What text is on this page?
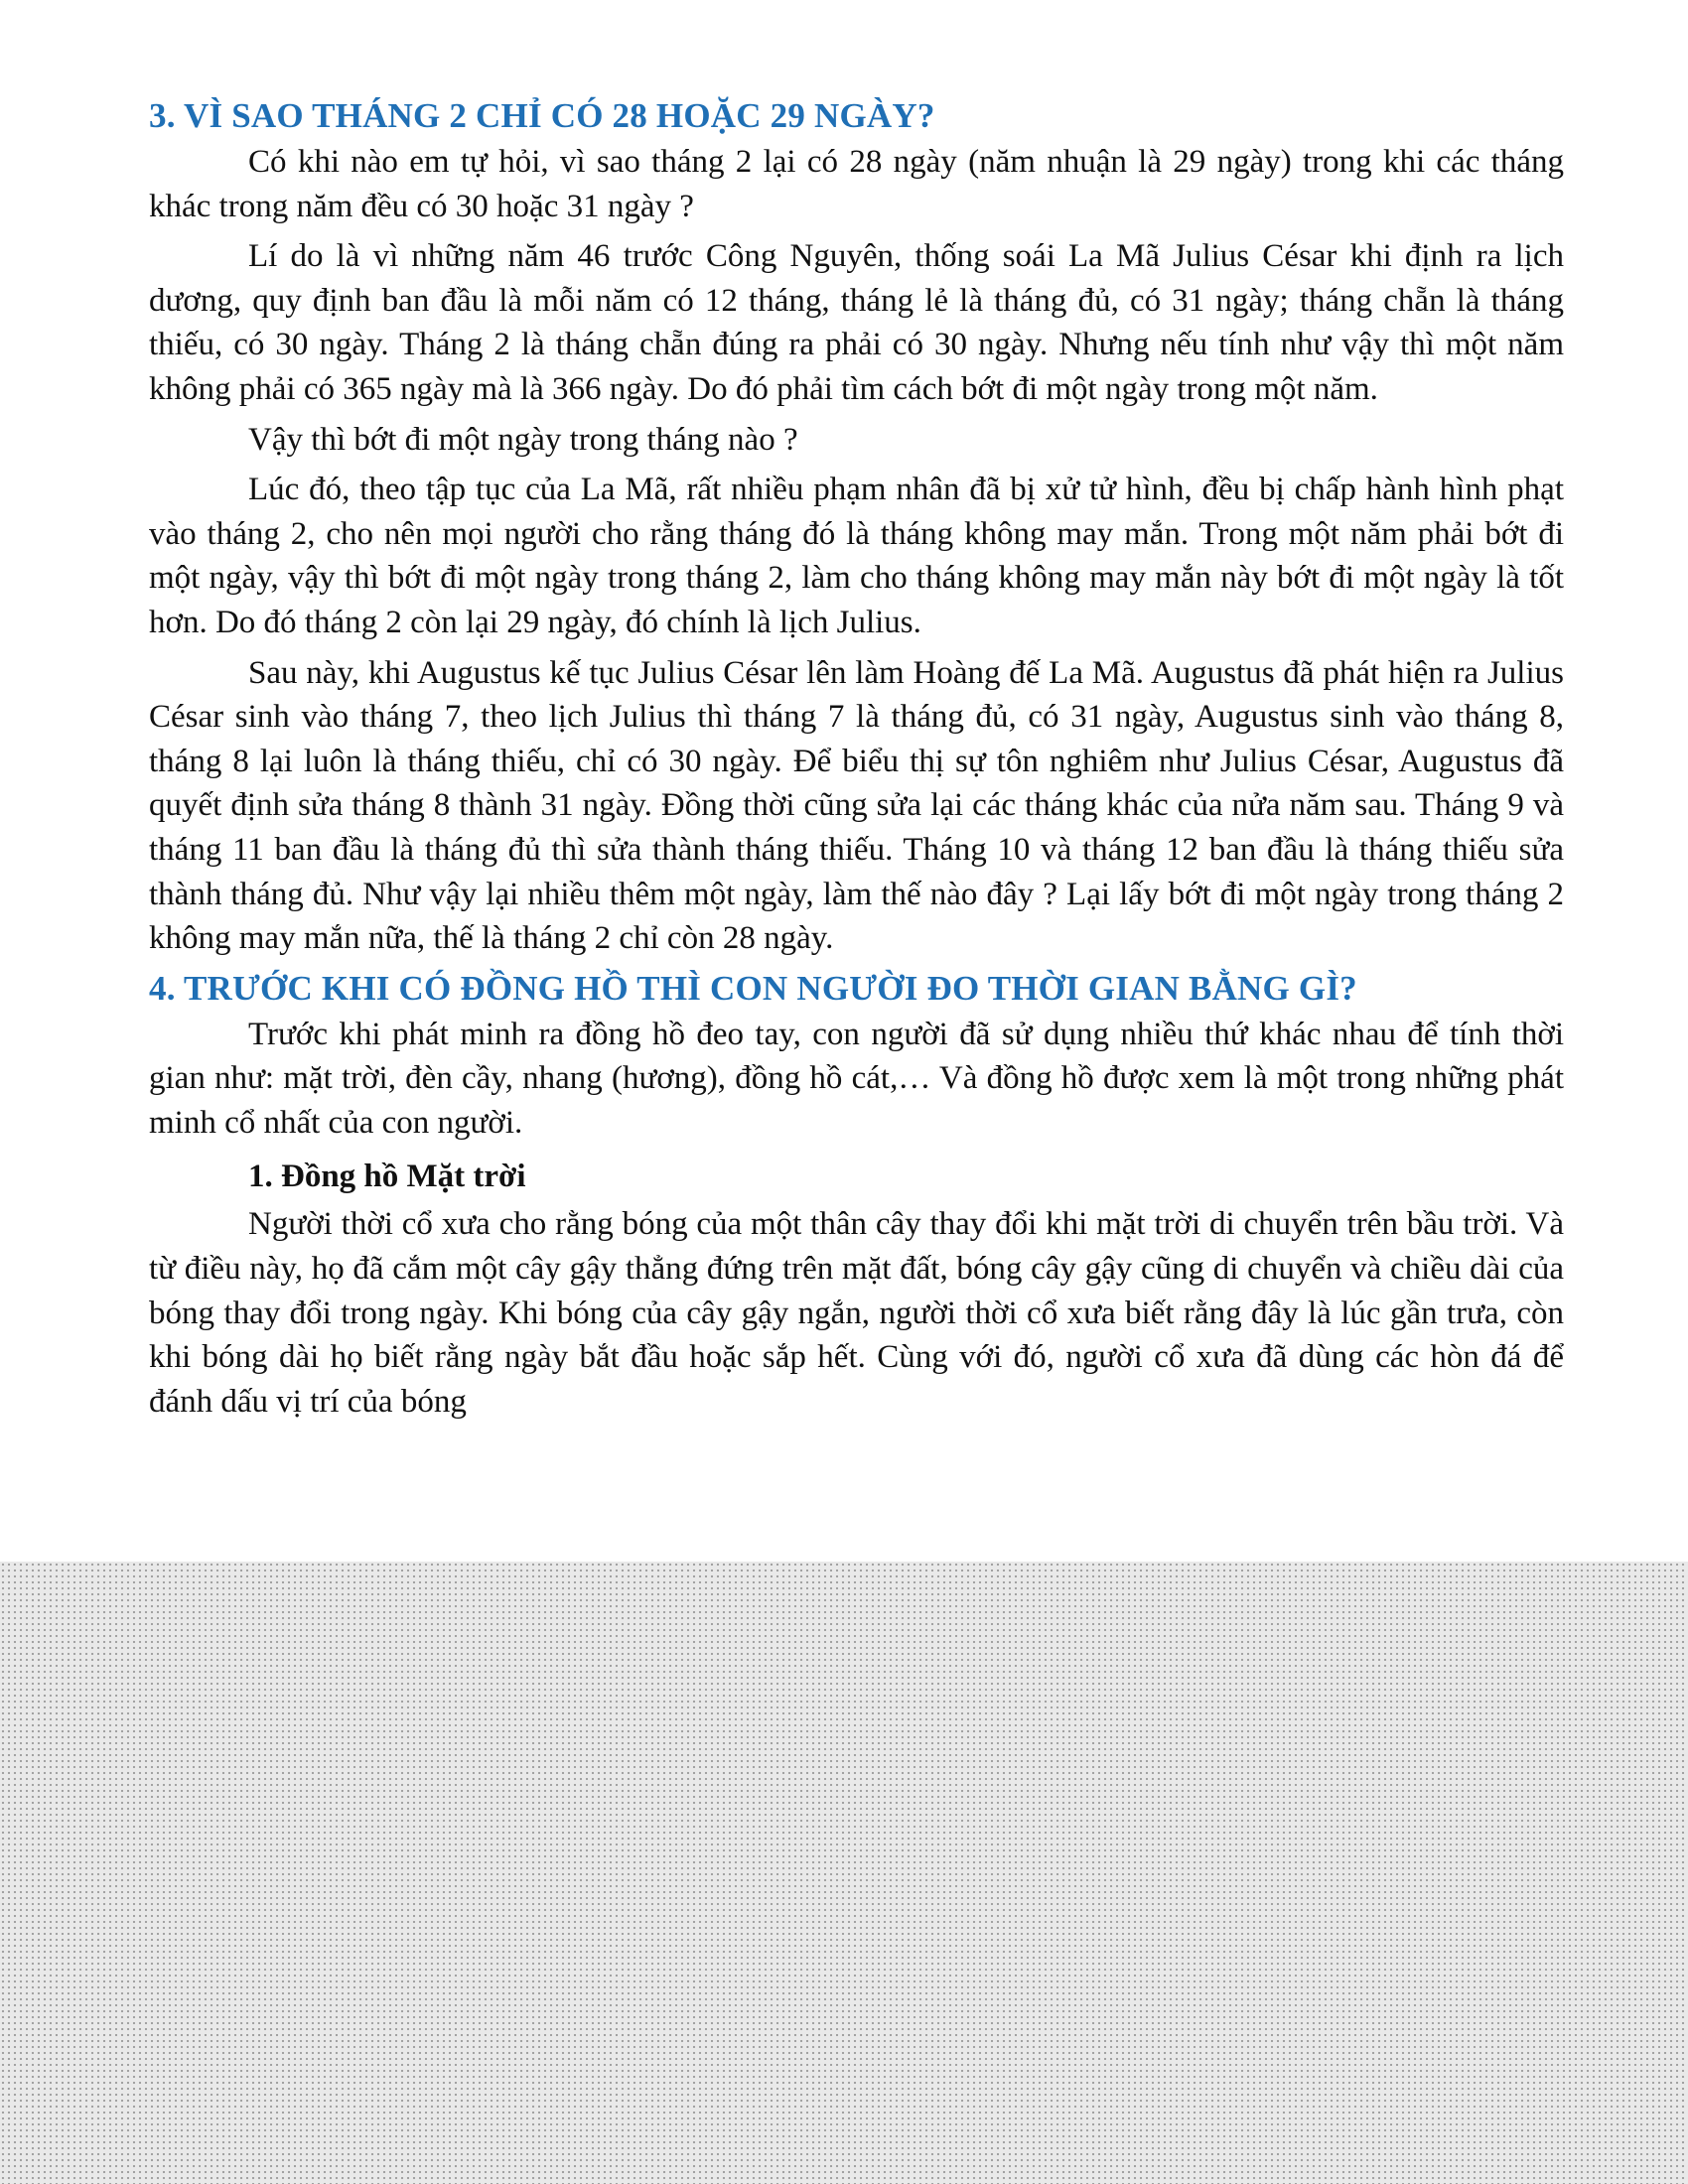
3. VÌ SAO THÁNG 2 CHỈ CÓ 28 HOẶC 29 NGÀY?

Có khi nào em tự hỏi, vì sao tháng 2 lại có 28 ngày (năm nhuận là 29 ngày) trong khi các tháng khác trong năm đều có 30 hoặc 31 ngày ?

Lí do là vì những năm 46 trước Công Nguyên, thống soái La Mã Julius César khi định ra lịch dương, quy định ban đầu là mỗi năm có 12 tháng, tháng lẻ là tháng đủ, có 31 ngày; tháng chẵn là tháng thiếu, có 30 ngày. Tháng 2 là tháng chẵn đúng ra phải có 30 ngày. Nhưng nếu tính như vậy thì một năm không phải có 365 ngày mà là 366 ngày. Do đó phải tìm cách bớt đi một ngày trong một năm.

Vậy thì bớt đi một ngày trong tháng nào ?

Lúc đó, theo tập tục của La Mã, rất nhiều phạm nhân đã bị xử tử hình, đều bị chấp hành hình phạt vào tháng 2, cho nên mọi người cho rằng tháng đó là tháng không may mắn. Trong một năm phải bớt đi một ngày, vậy thì bớt đi một ngày trong tháng 2, làm cho tháng không may mắn này bớt đi một ngày là tốt hơn. Do đó tháng 2 còn lại 29 ngày, đó chính là lịch Julius.

Sau này, khi Augustus kế tục Julius César lên làm Hoàng đế La Mã. Augustus đã phát hiện ra Julius César sinh vào tháng 7, theo lịch Julius thì tháng 7 là tháng đủ, có 31 ngày, Augustus sinh vào tháng 8, tháng 8 lại luôn là tháng thiếu, chỉ có 30 ngày. Để biểu thị sự tôn nghiêm như Julius César, Augustus đã quyết định sửa tháng 8 thành 31 ngày. Đồng thời cũng sửa lại các tháng khác của nửa năm sau. Tháng 9 và tháng 11 ban đầu là tháng đủ thì sửa thành tháng thiếu. Tháng 10 và tháng 12 ban đầu là tháng thiếu sửa thành tháng đủ. Như vậy lại nhiều thêm một ngày, làm thế nào đây ? Lại lấy bớt đi một ngày trong tháng 2 không may mắn nữa, thế là tháng 2 chỉ còn 28 ngày.

4. TRƯỚC KHI CÓ ĐỒNG HỒ THÌ CON NGƯỜI ĐO THỜI GIAN BẰNG GÌ?

Trước khi phát minh ra đồng hồ đeo tay, con người đã sử dụng nhiều thứ khác nhau để tính thời gian như: mặt trời, đèn cầy, nhang (hương), đồng hồ cát,… Và đồng hồ được xem là một trong những phát minh cổ nhất của con người.

1. Đồng hồ Mặt trời

Người thời cổ xưa cho rằng bóng của một thân cây thay đổi khi mặt trời di chuyển trên bầu trời. Và từ điều này, họ đã cắm một cây gậy thẳng đứng trên mặt đất, bóng cây gậy cũng di chuyển và chiều dài của bóng thay đổi trong ngày. Khi bóng của cây gậy ngắn, người thời cổ xưa biết rằng đây là lúc gần trưa, còn khi bóng dài họ biết rằng ngày bắt đầu hoặc sắp hết. Cùng với đó, người cổ xưa đã dùng các hòn đá để đánh dấu vị trí của bóng
